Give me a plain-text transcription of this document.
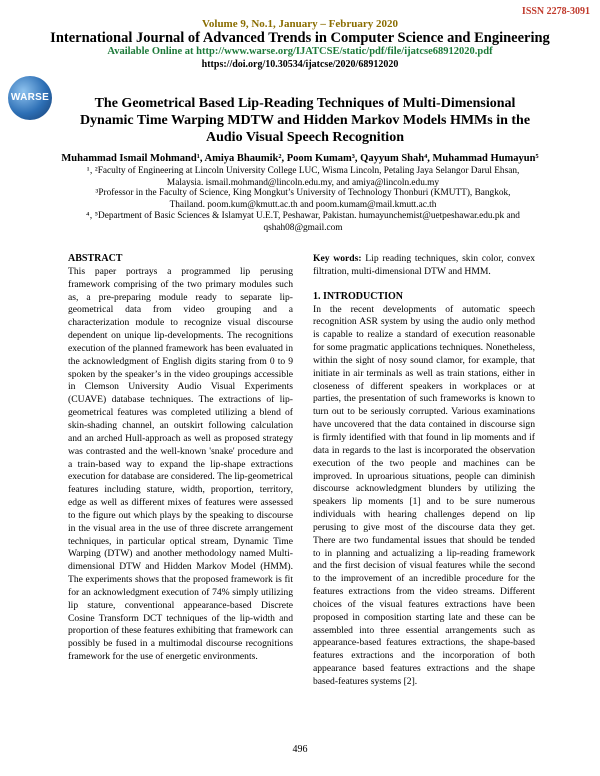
ISSN 2278-3091
WARSE
Volume 9, No.1, January – February 2020
International Journal of Advanced Trends in Computer Science and Engineering
Available Online at http://www.warse.org/IJATCSE/static/pdf/file/ijatcse68912020.pdf
https://doi.org/10.30534/ijatcse/2020/68912020
The Geometrical Based Lip-Reading Techniques of Multi-Dimensional Dynamic Time Warping MDTW and Hidden Markov Models HMMs in the Audio Visual Speech Recognition
Muhammad Ismail Mohmand¹, Amiya Bhaumik², Poom Kumam³, Qayyum Shah⁴, Muhammad Humayun⁵
¹‚ ²Faculty of Engineering at Lincoln University College LUC, Wisma Lincoln, Petaling Jaya Selangor Darul Ehsan, Malaysia. ismail.mohmand@lincoln.edu.my, and amiya@lincoln.edu.my
³Professor in the Faculty of Science, King Mongkut’s University of Technology Thonburi (KMUTT), Bangkok, Thailand. poom.kum@kmutt.ac.th and poom.kumam@mail.kmutt.ac.th
⁴‚ ⁵Department of Basic Sciences & Islamyat U.E.T, Peshawar, Pakistan. humayunchemist@uetpeshawar.edu.pk and qshah08@gmail.com

ABSTRACT

This paper portrays a programmed lip perusing framework comprising of the two primary modules such as, a pre-preparing module ready to separate lip-geometrical data from video grouping and a characterization module to recognize visual discourse dependent on unique lip-developments. The recognitions execution of the planned framework has been evaluated in the acknowledgment of English digits staring from 0 to 9 spoken by the speaker’s in the video groupings accessible in Clemson University Audio Visual Experiments (CUAVE) database techniques. The extractions of lip-geometrical features was completed utilizing a blend of skin-shading channel, an outskirt following calculation and an arched Hull-approach as well as proposed strategy was contrasted and the well-known 'snake' procedure and a train-based way to expand the lip-shape extractions execution for database are considered. The lip-geometrical features including stature, width, proportion, territory, edge as well as different mixes of features were assessed to the figure out which plays by the speaking to discourse in the visual area in the use of three discrete arrangement techniques, in particular optical stream, Dynamic Time Warping (DTW) and another methodology named Multi-dimensional DTW and Hidden Markov Model (HMM). The experiments shows that the proposed framework is fit for an acknowledgment execution of 74% simply utilizing lip stature, conventional appearance-based Discrete Cosine Transform DCT techniques of the lip-width and proportion of these features exhibiting that framework can possibly be fused in a multimodal discourse recognitions framework for the use of energetic environments.

Key words: Lip reading techniques, skin color, convex filtration, multi-dimensional DTW and HMM.

1. INTRODUCTION

In the recent developments of automatic speech recognition ASR system by using the audio only method is capable to realize a standard of execution reasonable for some pragmatic applications techniques. Nonetheless, within the sight of nosy sound clamor, for example, that initiate in air terminals as well as train stations, either in closeness of different speakers in workplaces or at parties, the presentation of such frameworks is known to turn out to be seriously corrupted. Various examinations have uncovered that the data contained in discourse sign is firmly identified with that found in lip moments and if data in regards to the last is incorporated the observation execution of the two people and machines can be improved. In uproarious situations, people can diminish discourse acknowledgment blunders by utilizing the speakers lip moments [1] and to be sure numerous individuals with hearing challenges depend on lip perusing to give most of the discourse data they get. There are two fundamental issues that should be tended to in planning and actualizing a lip-reading framework and the first decision of visual features while the second to the improvement of an incredible procedure for the features extractions from the video streams. Different choices of the visual features extractions have been proposed in composition starting late and these can be assembled into three essential arrangements such as appearance-based features extractions, the shape-based features extractions and the incorporation of both appearance based features extractions and the shape based-features systems [2].

496
